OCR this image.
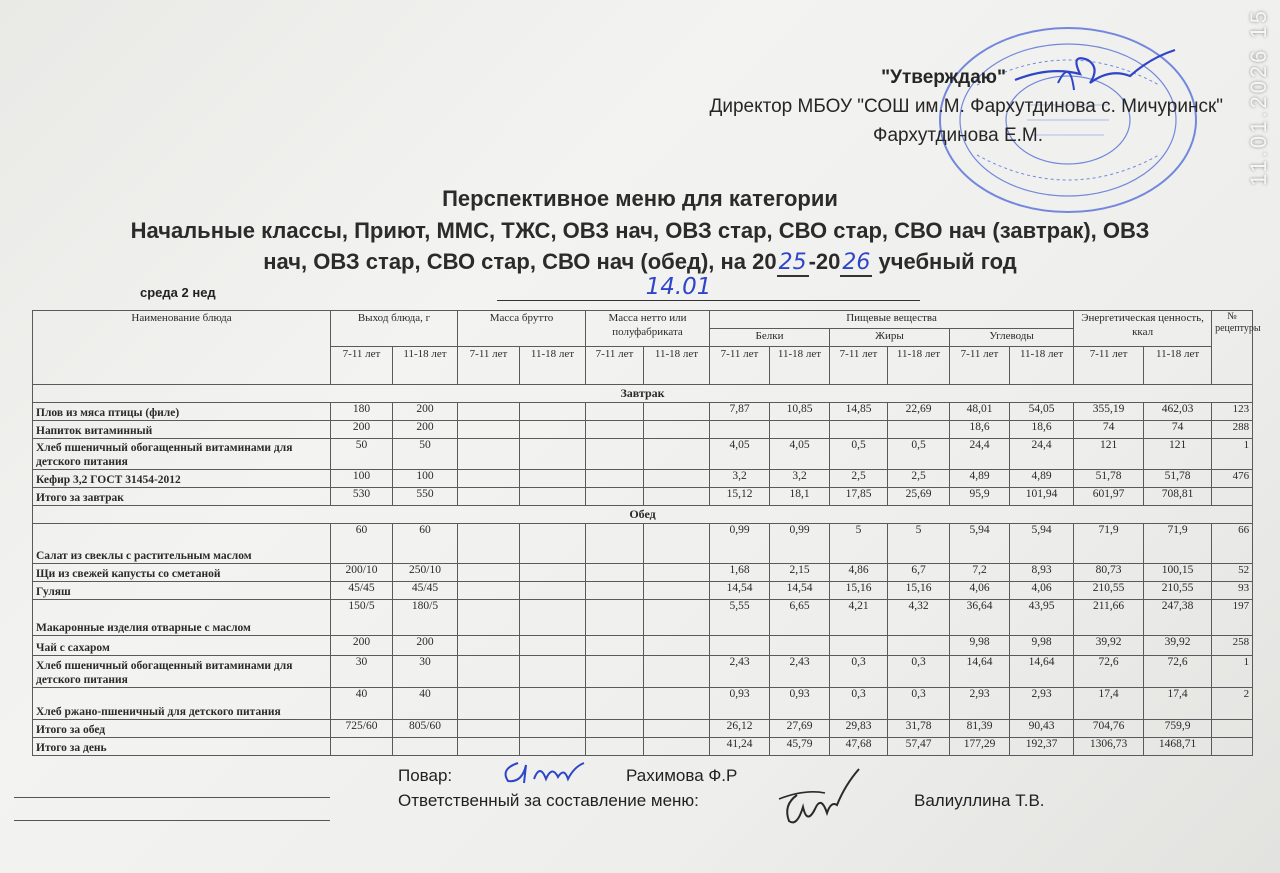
"Утверждаю"
Директор МБОУ "СОШ им.М. Фархутдинова с. Мичуринск"
Фархутдинова Е.М.	11.01.2026 15
Перспективное меню для категории
Начальные классы, Приют, ММС, ТЖС, ОВЗ нач, ОВЗ стар, СВО стар, СВО нач (завтрак), ОВЗ
нач, ОВЗ стар, СВО стар, СВО нач (обед), на 2025-2026 учебный год
среда 2 нед	14.01
Наименование блюда	Выход блюда, г		Масса брутто		Масса нетто или полуфабриката		Пищевые вещества						Энергетическая ценность, ккал		№ рецептуры
							Белки		Жиры		Углеводы				
	7-11 лет	11-18 лет	7-11 лет	11-18 лет	7-11 лет	11-18 лет	7-11 лет	11-18 лет	7-11 лет	11-18 лет	7-11 лет	11-18 лет	7-11 лет	11-18 лет	
Завтрак															
Плов из мяса птицы (филе)	180	200					7,87	10,85	14,85	22,69	48,01	54,05	355,19	462,03	123
Напиток витаминный	200	200									18,6	18,6	74	74	288
Хлеб пшеничный обогащенный витаминами для детского питания	50	50					4,05	4,05	0,5	0,5	24,4	24,4	121	121	1
Кефир 3,2 ГОСТ 31454-2012	100	100					3,2	3,2	2,5	2,5	4,89	4,89	51,78	51,78	476
Итого за завтрак	530	550					15,12	18,1	17,85	25,69	95,9	101,94	601,97	708,81	
Обед															
Салат из свеклы с растительным маслом	60	60					0,99	0,99	5	5	5,94	5,94	71,9	71,9	66
Щи из свежей капусты со сметаной	200/10	250/10					1,68	2,15	4,86	6,7	7,2	8,93	80,73	100,15	52
Гуляш	45/45	45/45					14,54	14,54	15,16	15,16	4,06	4,06	210,55	210,55	93
Макаронные изделия отварные с маслом	150/5	180/5					5,55	6,65	4,21	4,32	36,64	43,95	211,66	247,38	197
Чай с сахаром	200	200									9,98	9,98	39,92	39,92	258
Хлеб пшеничный обогащенный витаминами для детского питания	30	30					2,43	2,43	0,3	0,3	14,64	14,64	72,6	72,6	1
Хлеб ржано-пшеничный для детского питания	40	40					0,93	0,93	0,3	0,3	2,93	2,93	17,4	17,4	2
Итого за обед	725/60	805/60					26,12	27,69	29,83	31,78	81,39	90,43	704,76	759,9	
Итого за день							41,24	45,79	47,68	57,47	177,29	192,37	1306,73	1468,71	
Повар:	Рахимова Ф.Р
Ответственный за составление меню:	Валиуллина Т.В.
